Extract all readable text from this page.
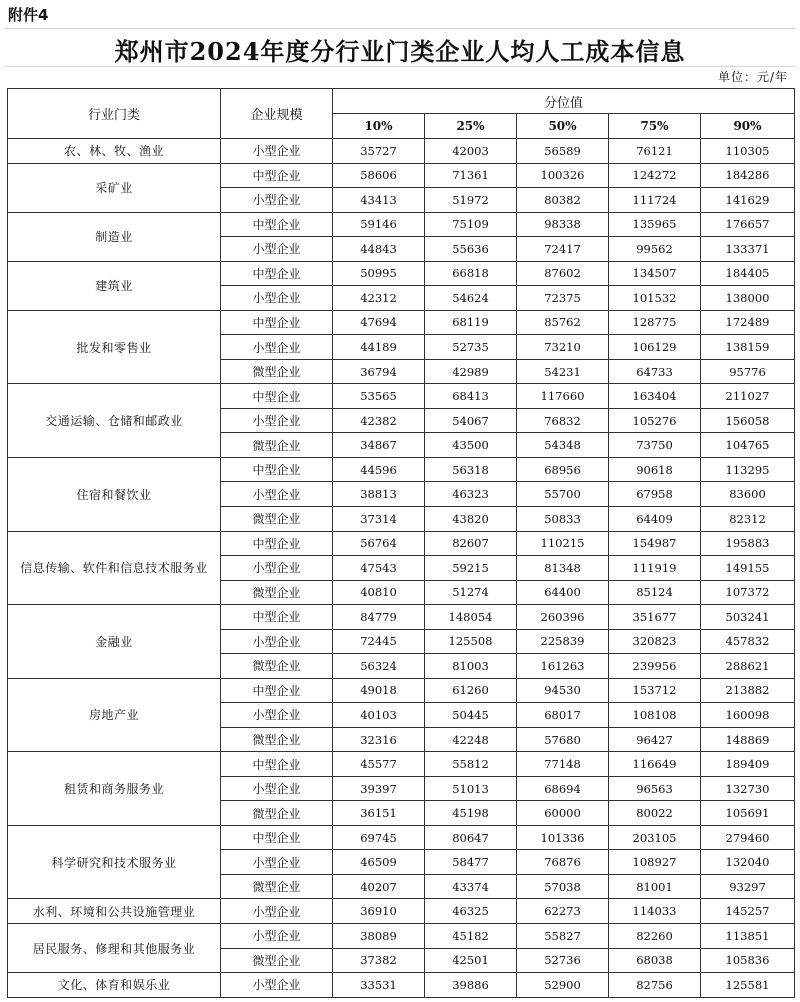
附件4
郑州市2024年度分行业门类企业人均人工成本信息
单位：元/年
行业门类	企业规模	分位值				
		10%	25%	50%	75%	90%
农、林、牧、渔业	小型企业	35727	42003	56589	76121	110305
采矿业	中型企业	58606	71361	100326	124272	184286
	小型企业	43413	51972	80382	111724	141629
制造业	中型企业	59146	75109	98338	135965	176657
	小型企业	44843	55636	72417	99562	133371
建筑业	中型企业	50995	66818	87602	134507	184405
	小型企业	42312	54624	72375	101532	138000
批发和零售业	中型企业	47694	68119	85762	128775	172489
	小型企业	44189	52735	73210	106129	138159
	微型企业	36794	42989	54231	64733	95776
交通运输、仓储和邮政业	中型企业	53565	68413	117660	163404	211027
	小型企业	42382	54067	76832	105276	156058
	微型企业	34867	43500	54348	73750	104765
住宿和餐饮业	中型企业	44596	56318	68956	90618	113295
	小型企业	38813	46323	55700	67958	83600
	微型企业	37314	43820	50833	64409	82312
信息传输、软件和信息技术服务业	中型企业	56764	82607	110215	154987	195883
	小型企业	47543	59215	81348	111919	149155
	微型企业	40810	51274	64400	85124	107372
金融业	中型企业	84779	148054	260396	351677	503241
	小型企业	72445	125508	225839	320823	457832
	微型企业	56324	81003	161263	239956	288621
房地产业	中型企业	49018	61260	94530	153712	213882
	小型企业	40103	50445	68017	108108	160098
	微型企业	32316	42248	57680	96427	148869
租赁和商务服务业	中型企业	45577	55812	77148	116649	189409
	小型企业	39397	51013	68694	96563	132730
	微型企业	36151	45198	60000	80022	105691
科学研究和技术服务业	中型企业	69745	80647	101336	203105	279460
	小型企业	46509	58477	76876	108927	132040
	微型企业	40207	43374	57038	81001	93297
水利、环境和公共设施管理业	小型企业	36910	46325	62273	114033	145257
居民服务、修理和其他服务业	小型企业	38089	45182	55827	82260	113851
	微型企业	37382	42501	52736	68038	105836
文化、体育和娱乐业	小型企业	33531	39886	52900	82756	125581
